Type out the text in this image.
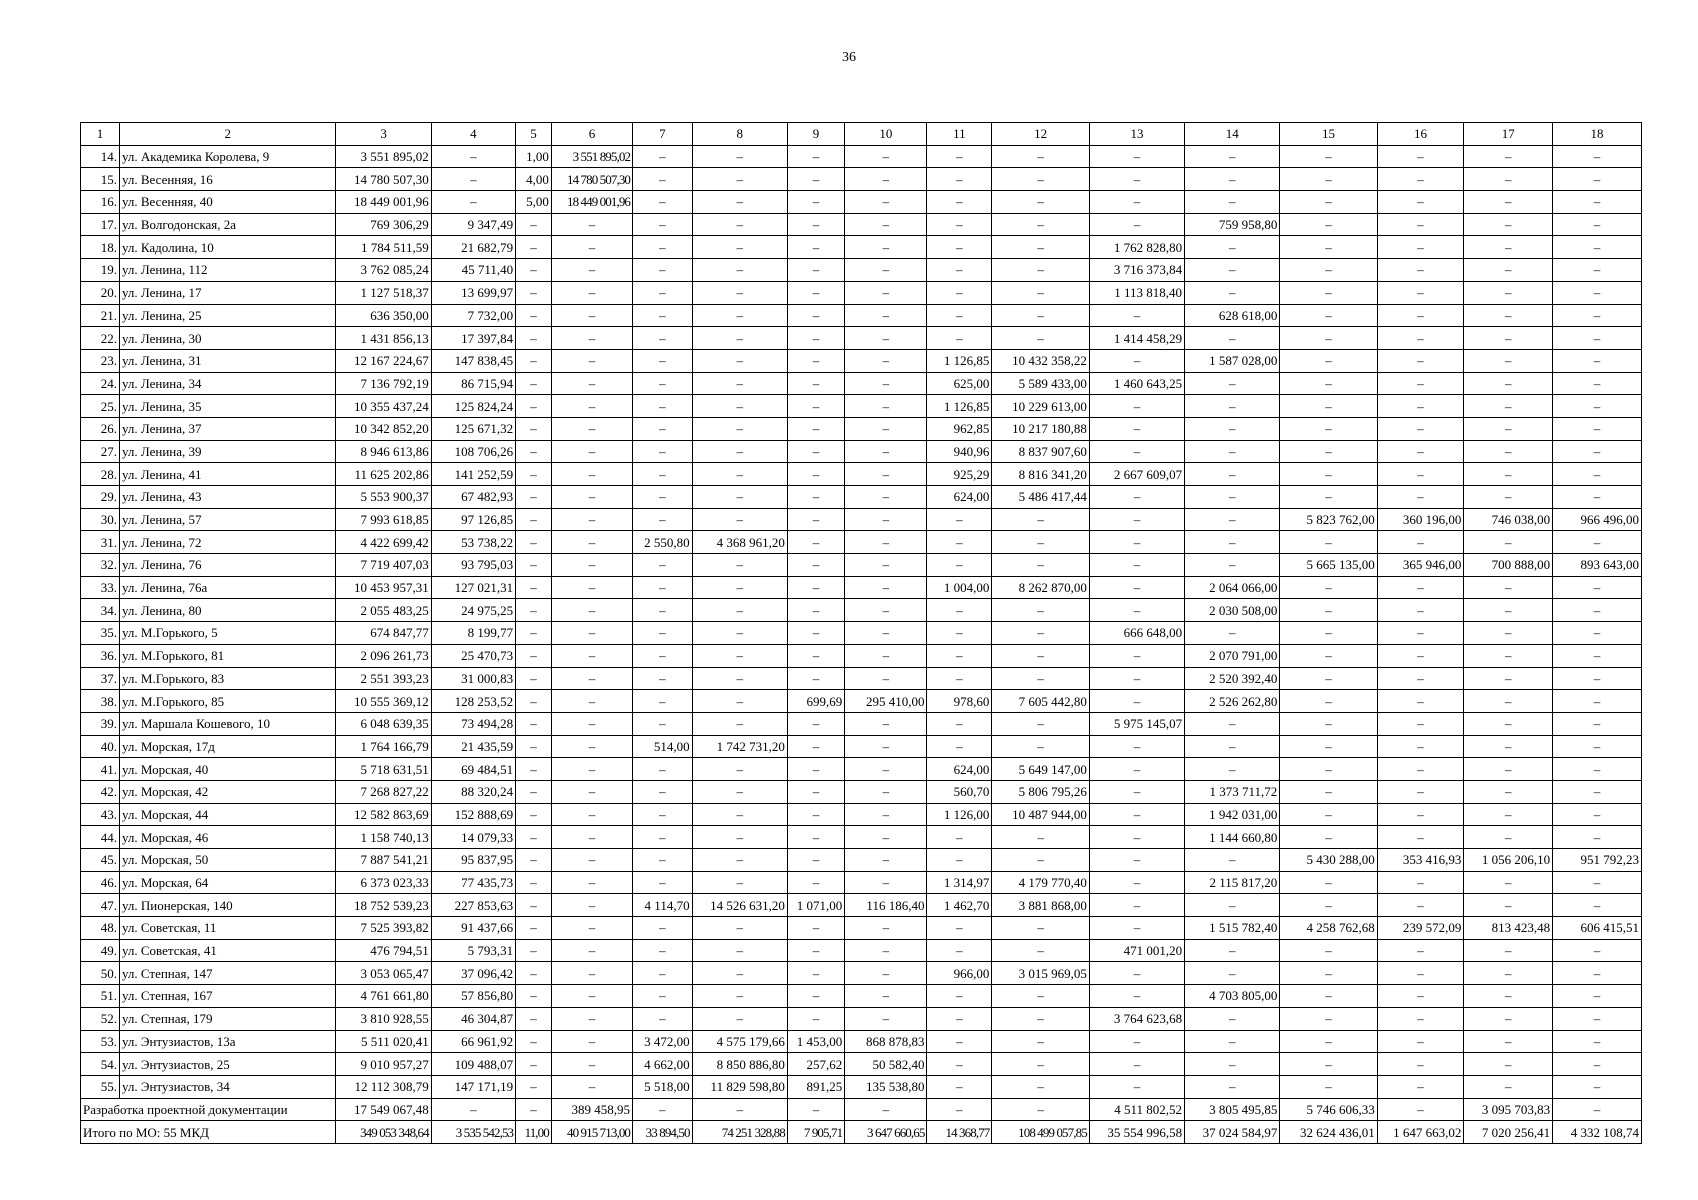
36
1	2	3	4	5	6	7	8	9	10	11	12	13	14	15	16	17	18
14.	ул. Академика Королева, 9	3 551 895,02	–	1,00	3 551 895,02	–	–	–	–	–	–	–	–	–	–	–	–
15.	ул. Весенняя, 16	14 780 507,30	–	4,00	14 780 507,30	–	–	–	–	–	–	–	–	–	–	–	–
16.	ул. Весенняя, 40	18 449 001,96	–	5,00	18 449 001,96	–	–	–	–	–	–	–	–	–	–	–	–
17.	ул. Волгодонская, 2а	769 306,29	9 347,49	–	–	–	–	–	–	–	–	–	759 958,80	–	–	–	–
18.	ул. Кадолина, 10	1 784 511,59	21 682,79	–	–	–	–	–	–	–	–	1 762 828,80	–	–	–	–	–
19.	ул. Ленина, 112	3 762 085,24	45 711,40	–	–	–	–	–	–	–	–	3 716 373,84	–	–	–	–	–
20.	ул. Ленина, 17	1 127 518,37	13 699,97	–	–	–	–	–	–	–	–	1 113 818,40	–	–	–	–	–
21.	ул. Ленина, 25	636 350,00	7 732,00	–	–	–	–	–	–	–	–	–	628 618,00	–	–	–	–
22.	ул. Ленина, 30	1 431 856,13	17 397,84	–	–	–	–	–	–	–	–	1 414 458,29	–	–	–	–	–
23.	ул. Ленина, 31	12 167 224,67	147 838,45	–	–	–	–	–	–	1 126,85	10 432 358,22	–	1 587 028,00	–	–	–	–
24.	ул. Ленина, 34	7 136 792,19	86 715,94	–	–	–	–	–	–	625,00	5 589 433,00	1 460 643,25	–	–	–	–	–
25.	ул. Ленина, 35	10 355 437,24	125 824,24	–	–	–	–	–	–	1 126,85	10 229 613,00	–	–	–	–	–	–
26.	ул. Ленина, 37	10 342 852,20	125 671,32	–	–	–	–	–	–	962,85	10 217 180,88	–	–	–	–	–	–
27.	ул. Ленина, 39	8 946 613,86	108 706,26	–	–	–	–	–	–	940,96	8 837 907,60	–	–	–	–	–	–
28.	ул. Ленина, 41	11 625 202,86	141 252,59	–	–	–	–	–	–	925,29	8 816 341,20	2 667 609,07	–	–	–	–	–
29.	ул. Ленина, 43	5 553 900,37	67 482,93	–	–	–	–	–	–	624,00	5 486 417,44	–	–	–	–	–	–
30.	ул. Ленина, 57	7 993 618,85	97 126,85	–	–	–	–	–	–	–	–	–	–	5 823 762,00	360 196,00	746 038,00	966 496,00
31.	ул. Ленина, 72	4 422 699,42	53 738,22	–	–	2 550,80	4 368 961,20	–	–	–	–	–	–	–	–	–	–
32.	ул. Ленина, 76	7 719 407,03	93 795,03	–	–	–	–	–	–	–	–	–	–	5 665 135,00	365 946,00	700 888,00	893 643,00
33.	ул. Ленина, 76а	10 453 957,31	127 021,31	–	–	–	–	–	–	1 004,00	8 262 870,00	–	2 064 066,00	–	–	–	–
34.	ул. Ленина, 80	2 055 483,25	24 975,25	–	–	–	–	–	–	–	–	–	2 030 508,00	–	–	–	–
35.	ул. М.Горького, 5	674 847,77	8 199,77	–	–	–	–	–	–	–	–	666 648,00	–	–	–	–	–
36.	ул. М.Горького, 81	2 096 261,73	25 470,73	–	–	–	–	–	–	–	–	–	2 070 791,00	–	–	–	–
37.	ул. М.Горького, 83	2 551 393,23	31 000,83	–	–	–	–	–	–	–	–	–	2 520 392,40	–	–	–	–
38.	ул. М.Горького, 85	10 555 369,12	128 253,52	–	–	–	–	699,69	295 410,00	978,60	7 605 442,80	–	2 526 262,80	–	–	–	–
39.	ул. Маршала Кошевого, 10	6 048 639,35	73 494,28	–	–	–	–	–	–	–	–	5 975 145,07	–	–	–	–	–
40.	ул. Морская, 17д	1 764 166,79	21 435,59	–	–	514,00	1 742 731,20	–	–	–	–	–	–	–	–	–	–
41.	ул. Морская, 40	5 718 631,51	69 484,51	–	–	–	–	–	–	624,00	5 649 147,00	–	–	–	–	–	–
42.	ул. Морская, 42	7 268 827,22	88 320,24	–	–	–	–	–	–	560,70	5 806 795,26	–	1 373 711,72	–	–	–	–
43.	ул. Морская, 44	12 582 863,69	152 888,69	–	–	–	–	–	–	1 126,00	10 487 944,00	–	1 942 031,00	–	–	–	–
44.	ул. Морская, 46	1 158 740,13	14 079,33	–	–	–	–	–	–	–	–	–	1 144 660,80	–	–	–	–
45.	ул. Морская, 50	7 887 541,21	95 837,95	–	–	–	–	–	–	–	–	–	–	5 430 288,00	353 416,93	1 056 206,10	951 792,23
46.	ул. Морская, 64	6 373 023,33	77 435,73	–	–	–	–	–	–	1 314,97	4 179 770,40	–	2 115 817,20	–	–	–	–
47.	ул. Пионерская, 140	18 752 539,23	227 853,63	–	–	4 114,70	14 526 631,20	1 071,00	116 186,40	1 462,70	3 881 868,00	–	–	–	–	–	–
48.	ул. Советская, 11	7 525 393,82	91 437,66	–	–	–	–	–	–	–	–	–	1 515 782,40	4 258 762,68	239 572,09	813 423,48	606 415,51
49.	ул. Советская, 41	476 794,51	5 793,31	–	–	–	–	–	–	–	–	471 001,20	–	–	–	–	–
50.	ул. Степная, 147	3 053 065,47	37 096,42	–	–	–	–	–	–	966,00	3 015 969,05	–	–	–	–	–	–
51.	ул. Степная, 167	4 761 661,80	57 856,80	–	–	–	–	–	–	–	–	–	4 703 805,00	–	–	–	–
52.	ул. Степная, 179	3 810 928,55	46 304,87	–	–	–	–	–	–	–	–	3 764 623,68	–	–	–	–	–
53.	ул. Энтузиастов, 13а	5 511 020,41	66 961,92	–	–	3 472,00	4 575 179,66	1 453,00	868 878,83	–	–	–	–	–	–	–	–
54.	ул. Энтузиастов, 25	9 010 957,27	109 488,07	–	–	4 662,00	8 850 886,80	257,62	50 582,40	–	–	–	–	–	–	–	–
55.	ул. Энтузиастов, 34	12 112 308,79	147 171,19	–	–	5 518,00	11 829 598,80	891,25	135 538,80	–	–	–	–	–	–	–	–
Разработка проектной документации		17 549 067,48	–	–	389 458,95	–	–	–	–	–	–	4 511 802,52	3 805 495,85	5 746 606,33	–	3 095 703,83	–
Итого по МО: 55 МКД		349 053 348,64	3 535 542,53	11,00	40 915 713,00	33 894,50	74 251 328,88	7 905,71	3 647 660,65	14 368,77	108 499 057,85	35 554 996,58	37 024 584,97	32 624 436,01	1 647 663,02	7 020 256,41	4 332 108,74
